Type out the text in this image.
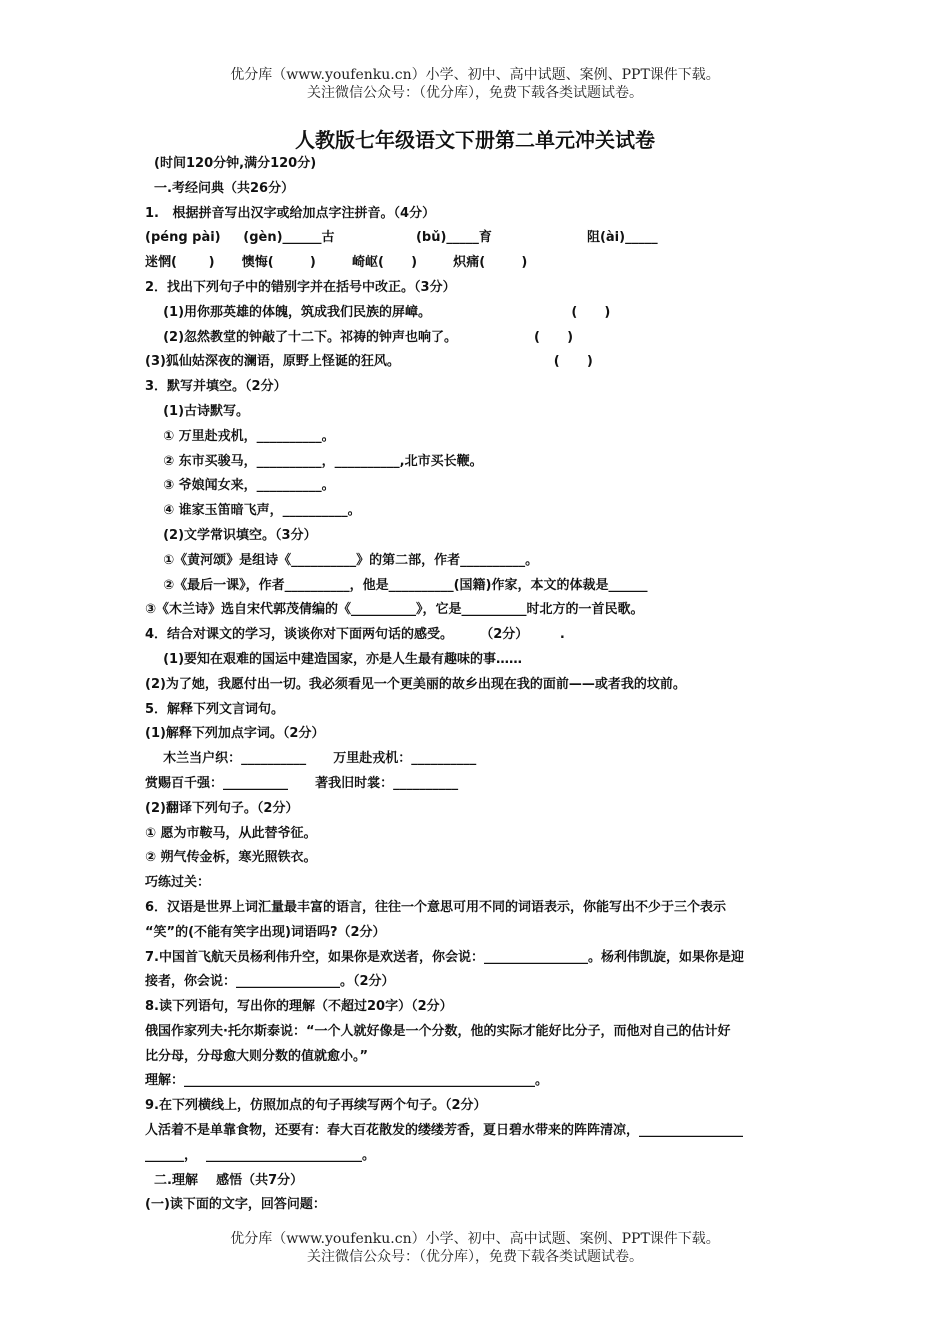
优分库（www.youfenku.cn）小学、初中、高中试题、案例、PPT课件下载。
关注微信公众号：（优分库），免费下载各类试题试卷。
人教版七年级语文下册第二单元冲关试卷
(时间120分钟,满分120分)
一.考经问典（共26分）
1.   根据拼音写出汉字或给加点字注拼音。（4分）
(péng pài)     (gèn)______古                  (bǔ)_____育                     阻(ài)_____
迷惘(       )      懊悔(        )        崎岖(      )        炽痛(        )
2．找出下列句子中的错别字并在括号中改正。（3分）
(1)用你那英雄的体魄，筑成我们民族的屏嶂。                               (      )
(2)忽然教堂的钟敲了十二下。祁祷的钟声也响了。                 (      )
(3)狐仙姑深夜的澜语，原野上怪诞的狂风。                                  (      )
3．默写并填空。（2分）
(1)古诗默写。
① 万里赴戎机，__________。
② 东市买骏马，__________，__________,北市买长鞭。
③ 爷娘闻女来，__________。
④ 谁家玉笛暗飞声，__________。
(2)文学常识填空。（3分）
①《黄河颂》是组诗《__________》的第二部，作者__________。
②《最后一课》，作者__________，他是__________(国籍)作家，本文的体裁是______
③《木兰诗》选自宋代郭茂倩编的《__________》，它是__________时北方的一首民歌。
4．结合对课文的学习，谈谈你对下面两句话的感受。      （2分）       .
(1)要知在艰难的国运中建造国家，亦是人生最有趣味的事……
(2)为了她，我愿付出一切。我必须看见一个更美丽的故乡出现在我的面前——或者我的坟前。
5．解释下列文言词句。
(1)解释下列加点字词。（2分）
木兰当户织：__________      万里赴戎机：__________
赏赐百千强：__________      著我旧时裳：__________
(2)翻译下列句子。（2分）
① 愿为市鞍马，从此替爷征。
② 朔气传金柝，寒光照铁衣。
巧练过关：
6．汉语是世界上词汇量最丰富的语言，往往一个意思可用不同的词语表示，你能写出不少于三个表示
“笑”的(不能有笑字出现)词语吗?（2分）
7.中国首飞航天员杨利伟升空，如果你是欢送者，你会说：________________。杨利伟凯旋，如果你是迎
接者，你会说：________________。（2分）
8.读下列语句，写出你的理解（不超过20字）（2分）
俄国作家列夫·托尔斯泰说：“一个人就好像是一个分数，他的实际才能好比分子，而他对自己的估计好
比分母，分母愈大则分数的值就愈小。”
理解：______________________________________________________。
9.在下列横线上，仿照加点的句子再续写两个句子。（2分）
人活着不是单靠食物，还要有：春大百花散发的缕缕芳香，夏日碧水带来的阵阵清凉，________________
______，  ________________________。
二.理解    感悟（共7分）
(一)读下面的文字，回答问题：
优分库（www.youfenku.cn）小学、初中、高中试题、案例、PPT课件下载。
关注微信公众号：（优分库），免费下载各类试题试卷。
